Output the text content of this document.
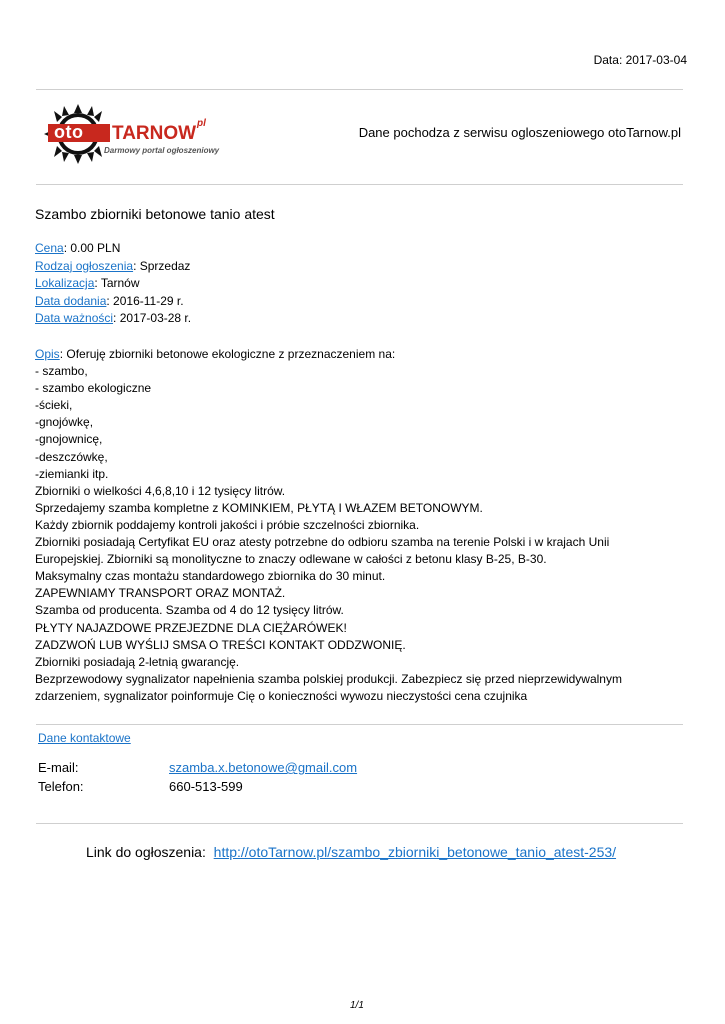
Data: 2017-03-04
oto TARNOW pl
Darmowy portal ogłoszeniowy
Dane pochodza z serwisu ogloszeniowego otoTarnow.pl
Szambo zbiorniki betonowe tanio atest
Cena: 0.00 PLN
Rodzaj ogłoszenia: Sprzedaz
Lokalizacja: Tarnów
Data dodania: 2016-11-29 r.
Data ważności: 2017-03-28 r.
Opis: Oferuję zbiorniki betonowe ekologiczne z przeznaczeniem na:
- szambo,
- szambo ekologiczne
-ścieki,
-gnojówkę,
-gnojownicę,
-deszczówkę,
-ziemianki itp.
Zbiorniki o wielkości 4,6,8,10 i 12 tysięcy litrów.
Sprzedajemy szamba kompletne z KOMINKIEM, PŁYTĄ I WŁAZEM BETONOWYM.
Każdy zbiornik poddajemy kontroli jakości i próbie szczelności zbiornika.
Zbiorniki posiadają Certyfikat EU oraz atesty potrzebne do odbioru szamba na terenie Polski i w krajach Unii
Europejskiej. Zbiorniki są monolityczne to znaczy odlewane w całości z betonu klasy B-25, B-30.
Maksymalny czas montażu standardowego zbiornika do 30 minut.
ZAPEWNIAMY TRANSPORT ORAZ MONTAŻ.
Szamba od producenta. Szamba od 4 do 12 tysięcy litrów.
PŁYTY NAJAZDOWE PRZEJEZDNE DLA CIĘŻARÓWEK!
ZADZWOŃ LUB WYŚLIJ SMSA O TREŚCI KONTAKT ODDZWONIĘ.
Zbiorniki posiadają 2-letnią gwarancję.
Bezprzewodowy sygnalizator napełnienia szamba polskiej produkcji. Zabezpiecz się przed nieprzewidywalnym
zdarzeniem, sygnalizator poinformuje Cię o konieczności wywozu nieczystości cena czujnika
Dane kontaktowe
E-mail:	szamba.x.betonowe@gmail.com
Telefon:	660-513-599
Link do ogłoszenia: http://otoTarnow.pl/szambo_zbiorniki_betonowe_tanio_atest-253/
1/1
